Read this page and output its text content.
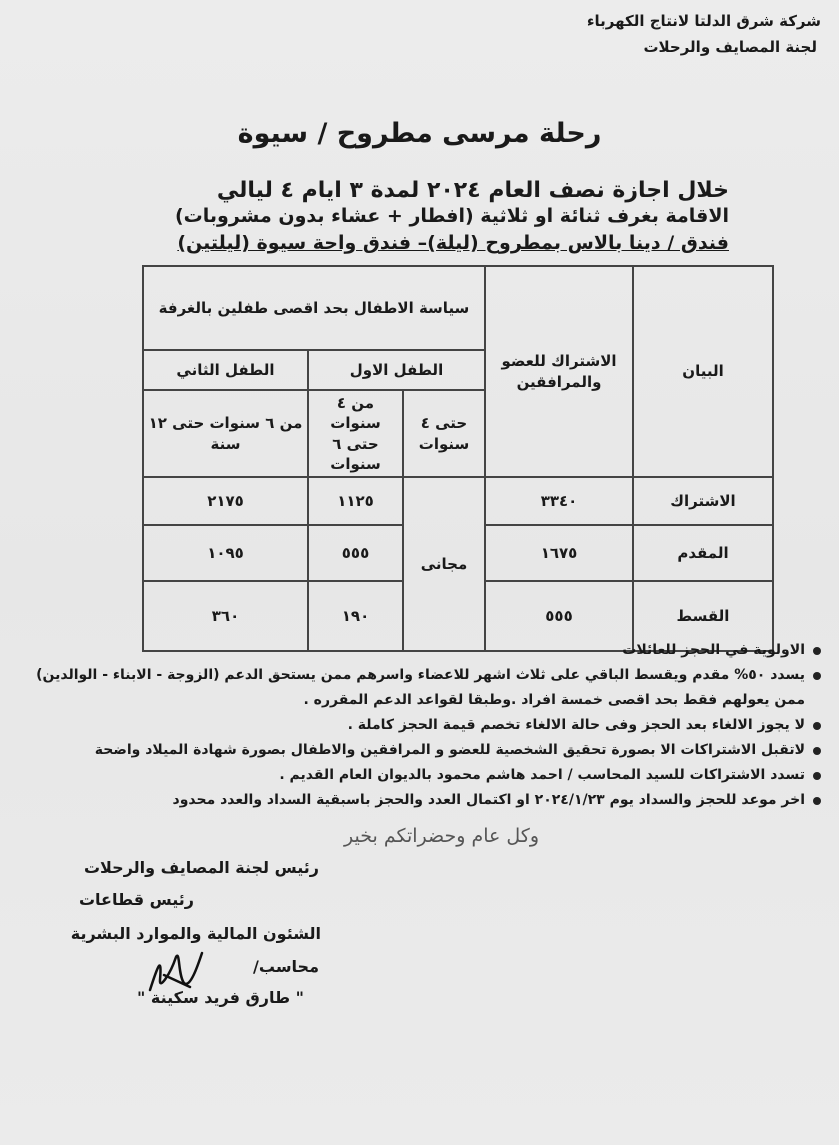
شركة شرق الدلتا لانتاج الكهرباء
لجنة المصايف والرحلات
رحلة مرسى مطروح / سيوة
خلال اجازة نصف العام ٢٠٢٤ لمدة ٣ ايام ٤ ليالي
الاقامة بغرف ثنائة او ثلاثية (افطار + عشاء بدون مشروبات)
فندق / دينا بالاس بمطروح (ليلة)– فندق واحة سيوة (ليلتين)
البيان	الاشتراك للعضو والمرافقين	سياسة الاطفال بحد اقصى طفلين بالغرفة		
		الطفل الاول		الطفل الثاني
		حتى ٤ سنوات	من ٤ سنوات حتى ٦ سنوات	من ٦ سنوات حتى ١٢ سنة
الاشتراك	٣٣٤٠	مجانى	١١٢٥	٢١٧٥
المقدم	١٦٧٥		٥٥٥	١٠٩٥
القسط	٥٥٥		١٩٠	٣٦٠
الاولوية في الحجز للعائلات
يسدد ٥٠% مقدم ويقسط الباقي على ثلاث اشهر للاعضاء واسرهم ممن يستحق الدعم (الزوجة - الابناء - الوالدين) ممن يعولهم فقط بحد اقصى خمسة افراد .وطبقا لقواعد الدعم المقرره .
لا يجوز الالغاء بعد الحجز وفى حالة الالغاء تخصم قيمة الحجز كاملة .
لاتقبل الاشتراكات الا بصورة تحقيق الشخصية للعضو و المرافقين والاطفال بصورة شهادة الميلاد واضحة
تسدد الاشتراكات للسيد المحاسب / احمد هاشم محمود بالديوان العام القديم .
اخر موعد للحجز والسداد يوم ٢٠٢٤/١/٢٣ او اكتمال العدد والحجز باسبقية السداد والعدد محدود
وكل عام وحضراتكم بخير
رئيس لجنة المصايف والرحلات
رئيس قطاعات
الشئون المالية والموارد البشرية
محاسب/
" طارق فريد سكينة "
